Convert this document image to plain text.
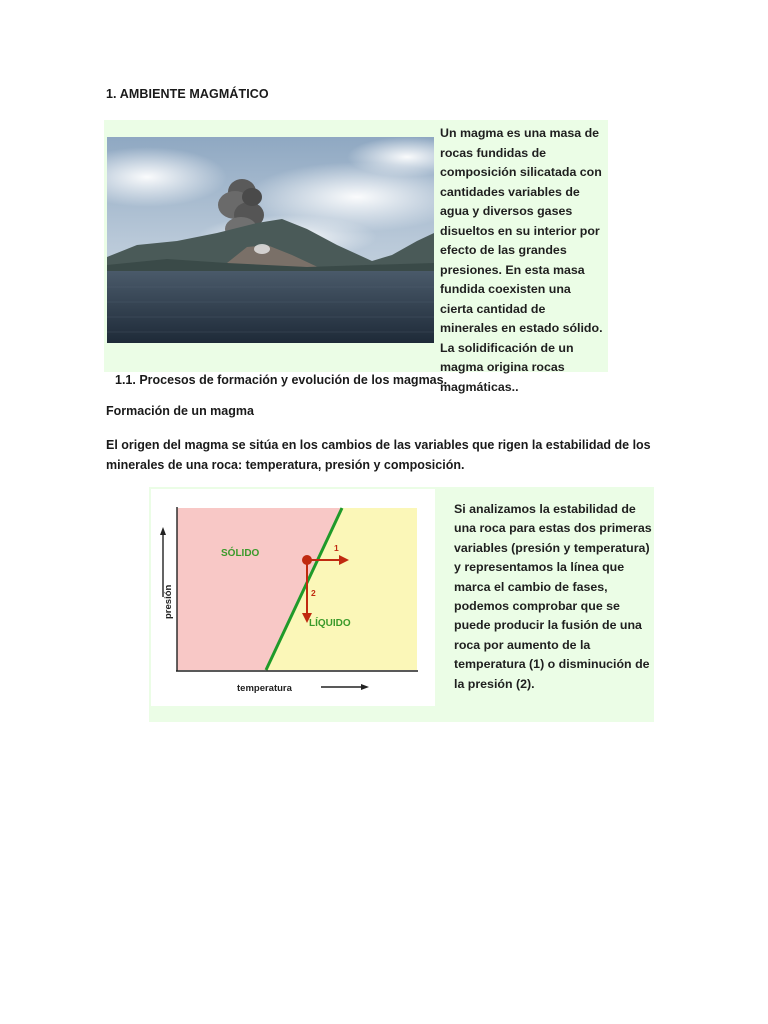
1. AMBIENTE MAGMÁTICO
Un magma es una masa de rocas fundidas de composición silicatada con cantidades variables de agua y diversos gases disueltos en su interior por efecto de las grandes presiones. En esta masa fundida coexisten una cierta cantidad de minerales en estado sólido. La solidificación de un magma origina rocas magmáticas..
1.1. Procesos de formación y evolución de los magmas.
Formación de un magma
El origen del magma se sitúa en los cambios de las variables que rigen la estabilidad de los minerales de una roca: temperatura, presión y composición.
presión
temperatura
SÓLIDO
LÍQUIDO
1
2
Si analizamos la estabilidad de una roca para estas dos primeras variables (presión y temperatura) y representamos la línea que marca el cambio de fases, podemos comprobar que se puede producir la fusión de una roca por aumento de la temperatura (1) o disminución de la presión (2).
